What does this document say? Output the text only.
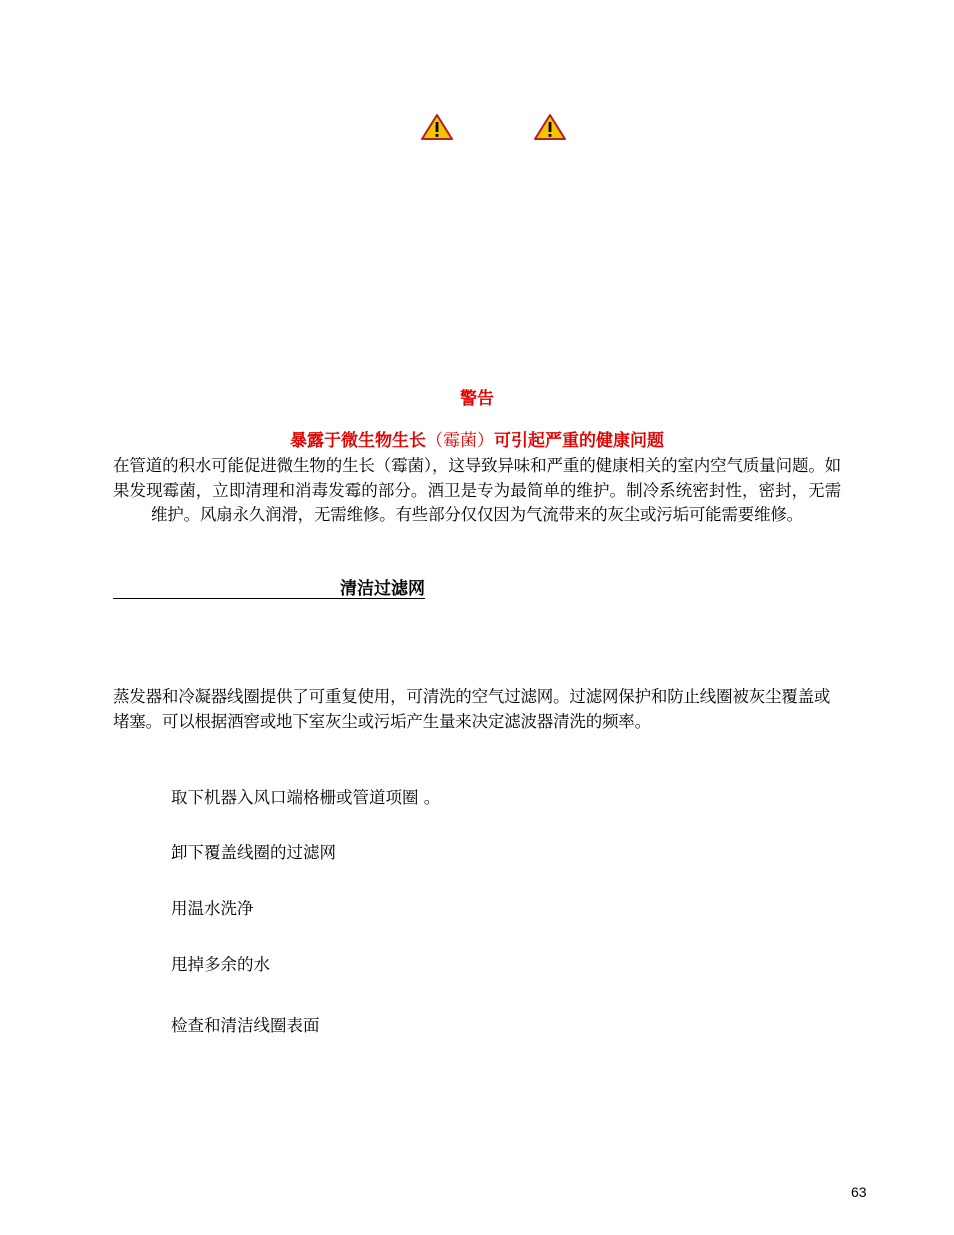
警告
暴露于微生物生长（霉菌）可引起严重的健康问题
在管道的积水可能促进微生物的生长（霉菌），这导致异味和严重的健康相关的室内空气质量问题。如果发现霉菌，立即清理和消毒发霉的部分。酒卫是专为最简单的维护。制冷系统密封性，密封，无需维护。风扇永久润滑，无需维修。有些部分仅仅因为气流带来的灰尘或污垢可能需要维修。
清洁过滤网
蒸发器和冷凝器线圈提供了可重复使用，可清洗的空气过滤网。过滤网保护和防止线圈被灰尘覆盖或堵塞。可以根据酒窖或地下室灰尘或污垢产生量来决定滤波器清洗的频率。
取下机器入风口端格栅或管道项圈 。
卸下覆盖线圈的过滤网
用温水洗净
甩掉多余的水
检查和清洁线圈表面
63
